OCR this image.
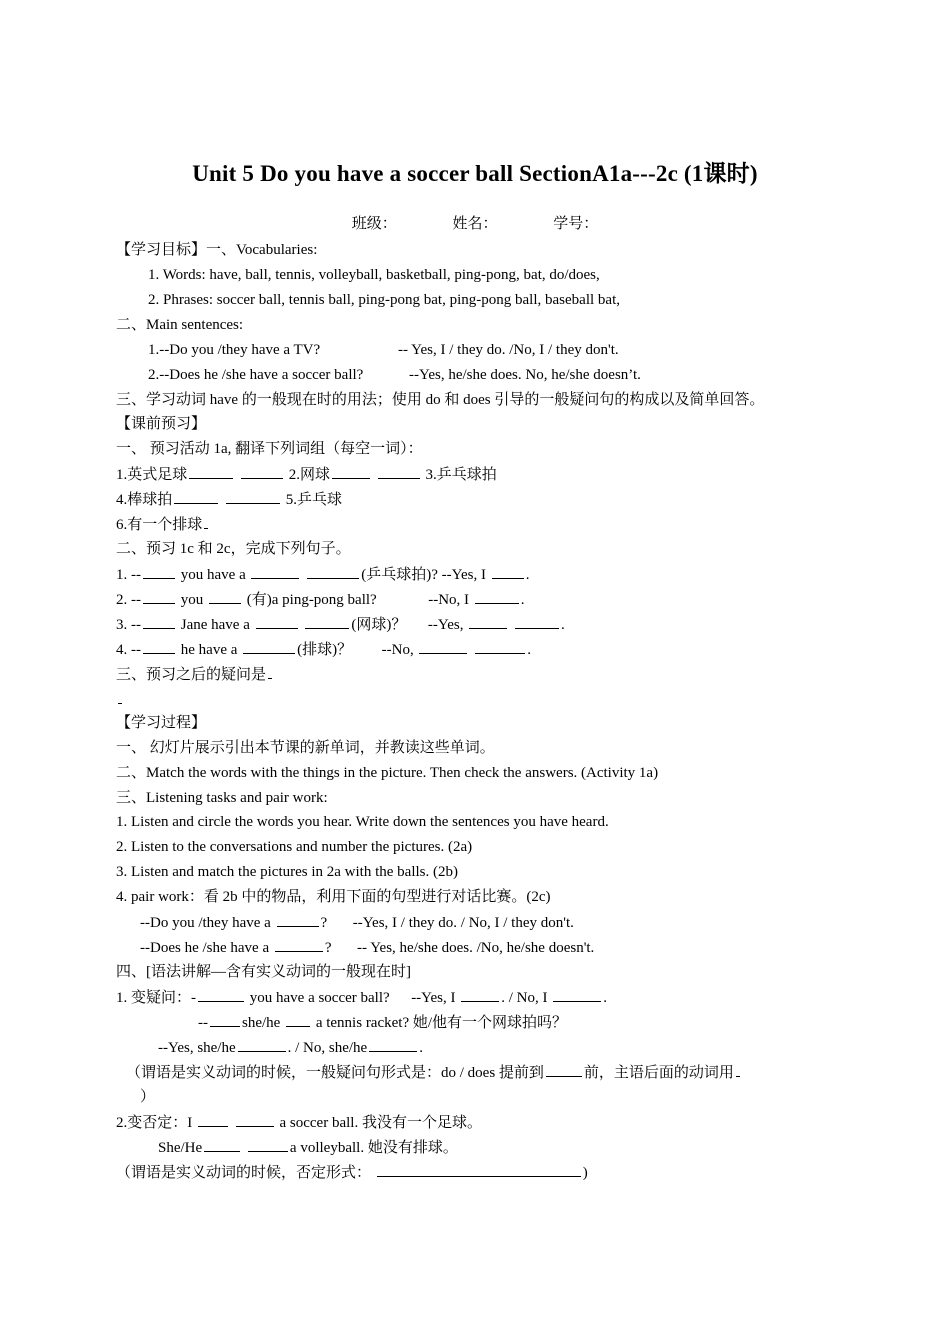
Unit 5 Do you have a soccer ball SectionA1a---2c (1课时)
班级：	姓名：	学号：
【学习目标】一、Vocabularies:
1. Words: have, ball, tennis, volleyball, basketball, ping-pong, bat, do/does,
2. Phrases: soccer ball, tennis ball, ping-pong bat, ping-pong ball, baseball bat,
二、Main sentences:
1.--Do you /they have a TV?	-- Yes, I / they do. /No, I / they don't.
2.--Does he /she have a soccer ball?	--Yes, he/she does. No, he/she doesn’t.
三、学习动词 have 的一般现在时的用法；使用 do 和 does 引导的一般疑问句的构成以及简单回答。
【课前预习】
一、 预习活动 1a, 翻译下列词组（每空一词）：
1.英式足球	2.网球	3.乒乓球拍
4.棒球拍	5.乒乓球
6.有一个排球
二、预习 1c 和 2c，完成下列句子。
1. --	you have a	(乒乓球拍)? --Yes, I	.
2. --	you	(有)a ping-pong ball?	--No, I	.
3. --	Jane have a	(网球)？ --Yes,	.
4. --	he have a	(排球)？ --No,	.
三、预习之后的疑问是
【学习过程】
一、 幻灯片展示引出本节课的新单词，并教读这些单词。
二、Match the words with the things in the picture. Then check the answers. (Activity 1a)
三、Listening tasks and pair work:
1. Listen and circle the words you hear. Write down the sentences you have heard.
2. Listen to the conversations and number the pictures. (2a)
3. Listen and match the pictures in 2a with the balls. (2b)
4. pair work：看 2b 中的物品，利用下面的句型进行对话比赛。(2c)
--Do you /they have a	? --Yes, I / they do. / No, I / they don't.
--Does he /she have a	? -- Yes, he/she does. /No, he/she doesn't.
四、[语法讲解—含有实义动词的一般现在时]
1. 变疑问：-	you have a soccer ball? --Yes, I	. / No, I	.
-- she/he a tennis racket? 她/他有一个网球拍吗？
--Yes, she/he	. / No, she/he	.
（谓语是实义动词的时候，一般疑问句形式是：do / does 提前到	前，主语后面的动词用
）
2.变否定：I	a soccer ball. 我没有一个足球。
She/He	a volleyball. 她没有排球。
（谓语是实义动词的时候，否定形式：	)
